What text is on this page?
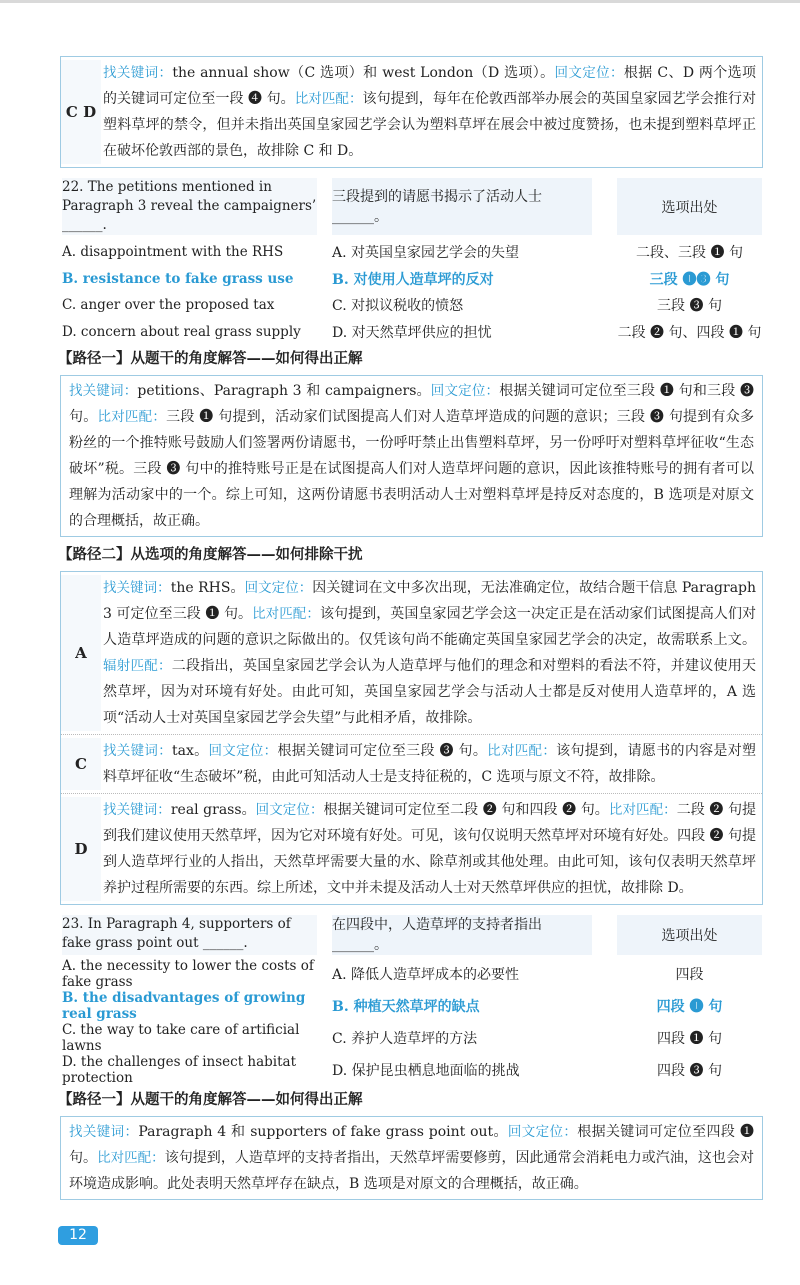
C D
找关键词：the annual show（C 选项）和 west London（D 选项）。回文定位：根据 C、D 两个选项的关键词可定位至一段 ❹ 句。比对匹配：该句提到，每年在伦敦西部举办展会的英国皇家园艺学会推行对塑料草坪的禁令，但并未指出英国皇家园艺学会认为塑料草坪在展会中被过度赞扬，也未提到塑料草坪正在破坏伦敦西部的景色，故排除 C 和 D。
22. The petitions mentioned in Paragraph 3 reveal the campaigners’ ______.
三段提到的请愿书揭示了活动人士______。
选项出处
A. disappointment with the RHS	A. 对英国皇家园艺学会的失望	二段、三段 ❶ 句
B. resistance to fake grass use	B. 对使用人造草坪的反对	三段 ❶❸ 句
C. anger over the proposed tax	C. 对拟议税收的愤怒	三段 ❸ 句
D. concern about real grass supply	D. 对天然草坪供应的担忧	二段 ❷ 句、四段 ❶ 句
【路径一】从题干的角度解答——如何得出正解
找关键词：petitions、Paragraph 3 和 campaigners。回文定位：根据关键词可定位至三段 ❶ 句和三段 ❸ 句。比对匹配：三段 ❶ 句提到，活动家们试图提高人们对人造草坪造成的问题的意识；三段 ❸ 句提到有众多粉丝的一个推特账号鼓励人们签署两份请愿书，一份呼吁禁止出售塑料草坪，另一份呼吁对塑料草坪征收“生态破坏”税。三段 ❸ 句中的推特账号正是在试图提高人们对人造草坪问题的意识，因此该推特账号的拥有者可以理解为活动家中的一个。综上可知，这两份请愿书表明活动人士对塑料草坪是持反对态度的，B 选项是对原文的合理概括，故正确。
【路径二】从选项的角度解答——如何排除干扰
A
找关键词：the RHS。回文定位：因关键词在文中多次出现，无法准确定位，故结合题干信息 Paragraph 3 可定位至三段 ❶ 句。比对匹配：该句提到，英国皇家园艺学会这一决定正是在活动家们试图提高人们对人造草坪造成的问题的意识之际做出的。仅凭该句尚不能确定英国皇家园艺学会的决定，故需联系上文。辐射匹配：二段指出，英国皇家园艺学会认为人造草坪与他们的理念和对塑料的看法不符，并建议使用天然草坪，因为对环境有好处。由此可知，英国皇家园艺学会与活动人士都是反对使用人造草坪的，A 选项“活动人士对英国皇家园艺学会失望”与此相矛盾，故排除。
C
找关键词：tax。回文定位：根据关键词可定位至三段 ❸ 句。比对匹配：该句提到，请愿书的内容是对塑料草坪征收“生态破坏”税，由此可知活动人士是支持征税的，C 选项与原文不符，故排除。
D
找关键词：real grass。回文定位：根据关键词可定位至二段 ❷ 句和四段 ❷ 句。比对匹配：二段 ❷ 句提到我们建议使用天然草坪，因为它对环境有好处。可见，该句仅说明天然草坪对环境有好处。四段 ❷ 句提到人造草坪行业的人指出，天然草坪需要大量的水、除草剂或其他处理。由此可知，该句仅表明天然草坪养护过程所需要的东西。综上所述，文中并未提及活动人士对天然草坪供应的担忧，故排除 D。
23. In Paragraph 4, supporters of fake grass point out ______.
在四段中，人造草坪的支持者指出______。
选项出处
A. the necessity to lower the costs of fake grass	A. 降低人造草坪成本的必要性	四段
B. the disadvantages of growing real grass	B. 种植天然草坪的缺点	四段 ❶ 句
C. the way to take care of artificial lawns	C. 养护人造草坪的方法	四段 ❶ 句
D. the challenges of insect habitat protection	D. 保护昆虫栖息地面临的挑战	四段 ❸ 句
【路径一】从题干的角度解答——如何得出正解
找关键词：Paragraph 4 和 supporters of fake grass point out。回文定位：根据关键词可定位至四段 ❶ 句。比对匹配：该句提到，人造草坪的支持者指出，天然草坪需要修剪，因此通常会消耗电力或汽油，这也会对环境造成影响。此处表明天然草坪存在缺点，B 选项是对原文的合理概括，故正确。
12
